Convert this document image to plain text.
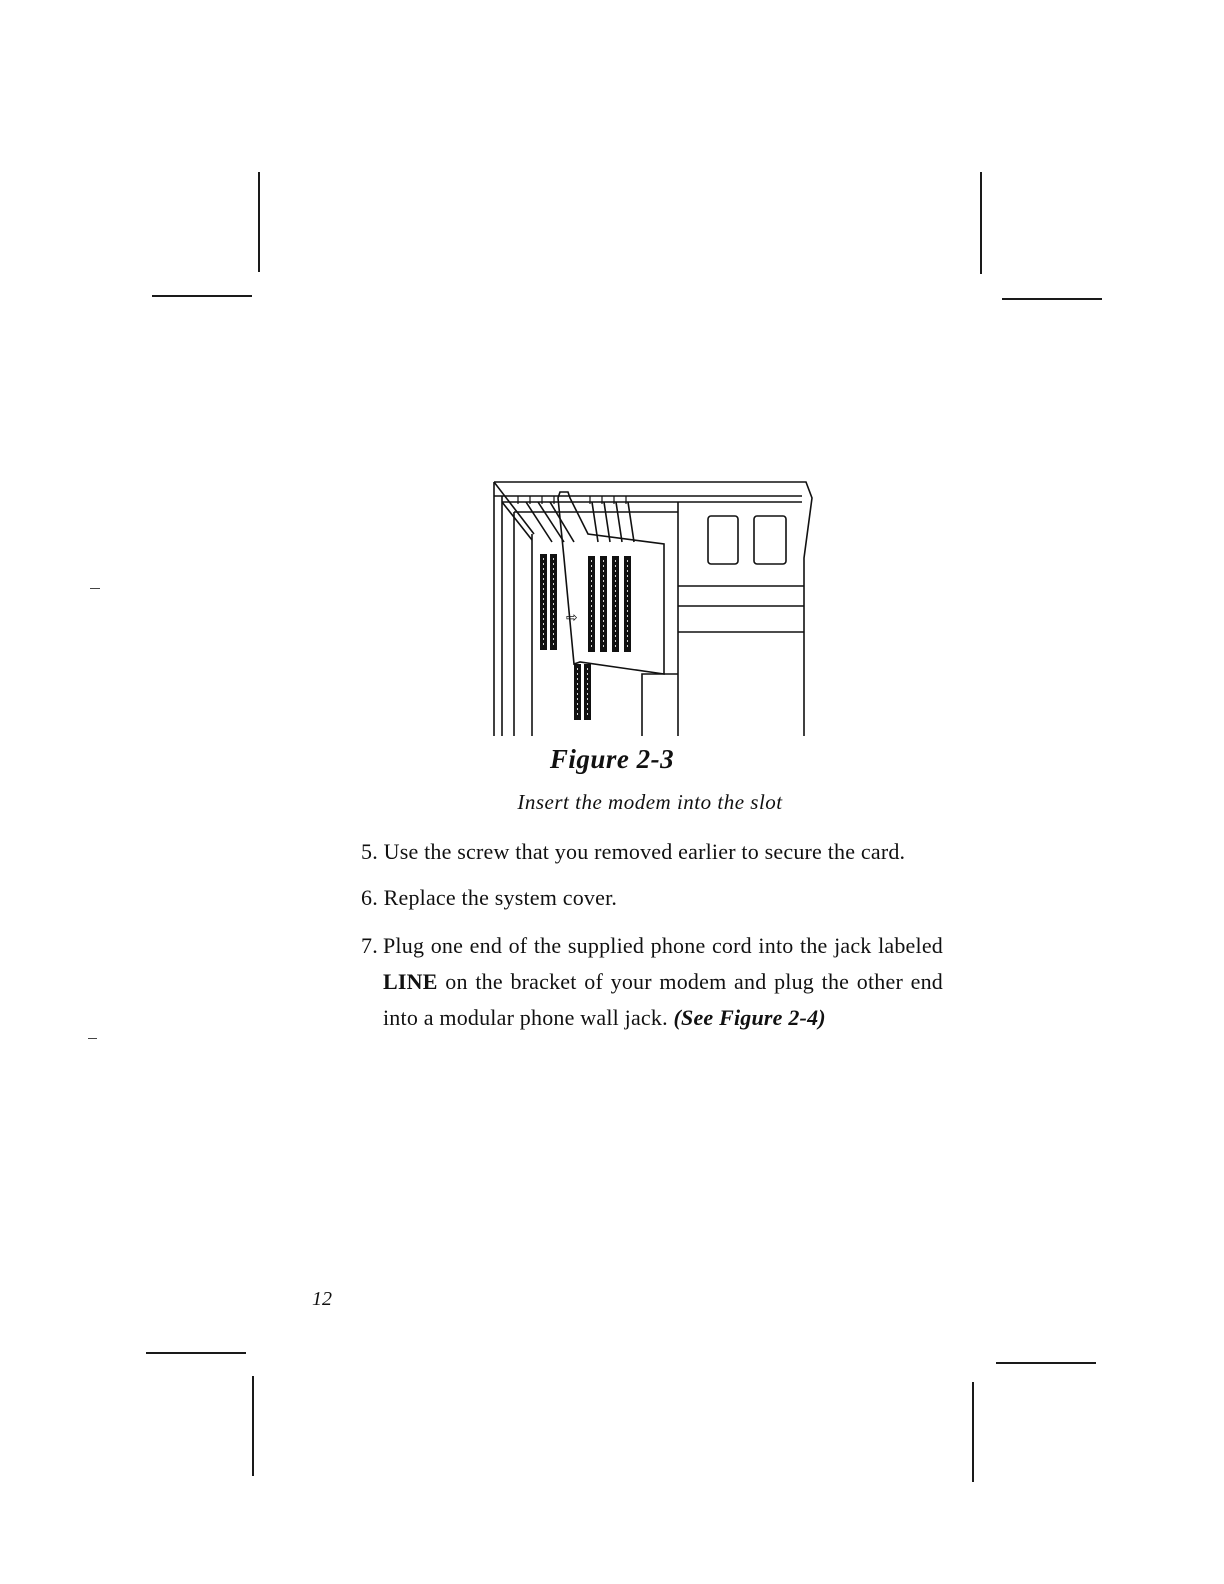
⇨
Figure 2-3
Insert the modem into the slot
5. Use the screw that you removed earlier to secure the card.
6. Replace the system cover.
7. Plug one end of the supplied phone cord into the jack labeled LINE on the bracket of your modem and plug the other end into a modular phone wall jack. (See Figure 2-4)
12
